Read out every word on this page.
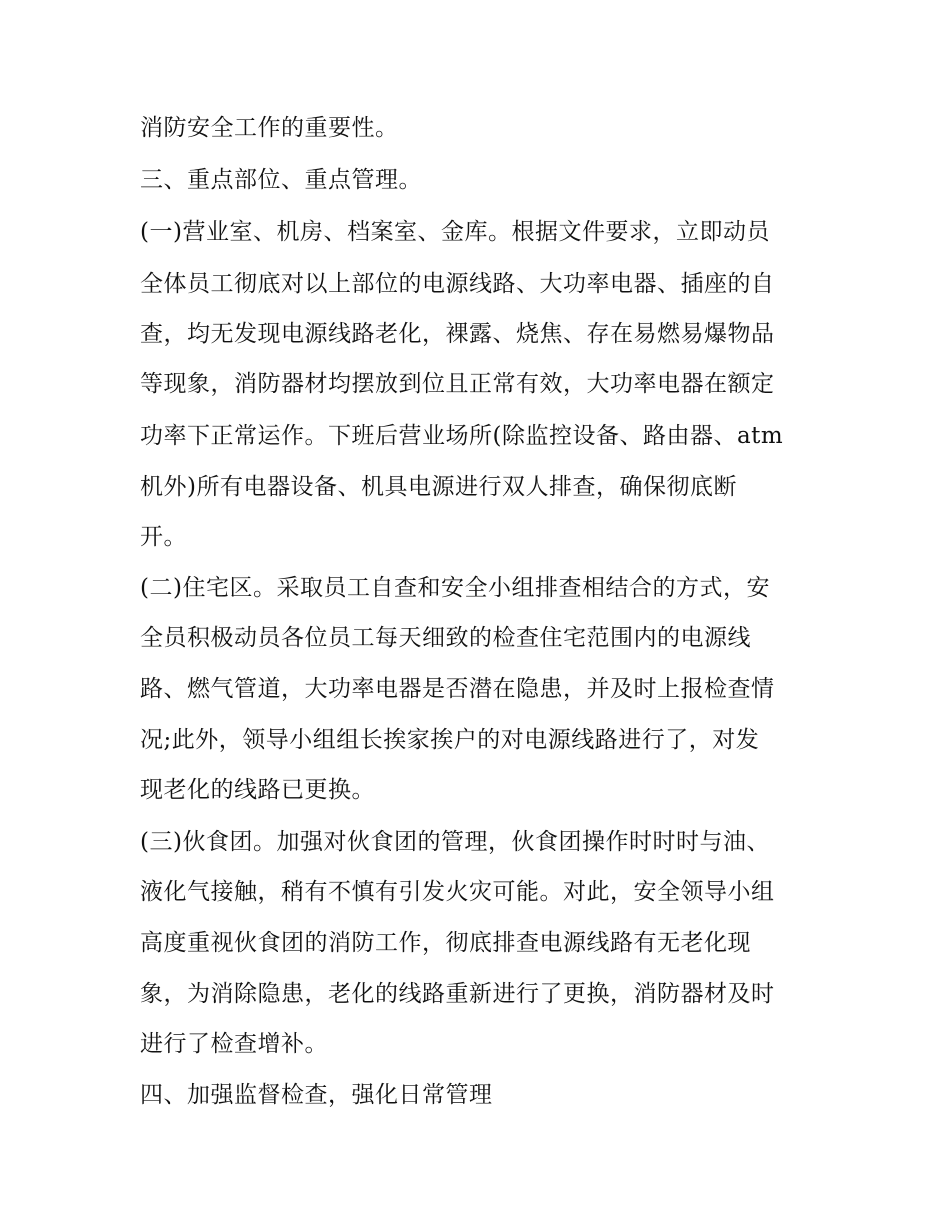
消防安全工作的重要性。
三、重点部位、重点管理。
(一)营业室、机房、档案室、金库。根据文件要求，立即动员
全体员工彻底对以上部位的电源线路、大功率电器、插座的自
查，均无发现电源线路老化，裸露、烧焦、存在易燃易爆物品
等现象，消防器材均摆放到位且正常有效，大功率电器在额定
功率下正常运作。下班后营业场所(除监控设备、路由器、atm
机外)所有电器设备、机具电源进行双人排查，确保彻底断
开。
(二)住宅区。采取员工自查和安全小组排查相结合的方式，安
全员积极动员各位员工每天细致的检查住宅范围内的电源线
路、燃气管道，大功率电器是否潜在隐患，并及时上报检查情
况;此外，领导小组组长挨家挨户的对电源线路进行了，对发
现老化的线路已更换。
(三)伙食团。加强对伙食团的管理，伙食团操作时时时与油、
液化气接触，稍有不慎有引发火灾可能。对此，安全领导小组
高度重视伙食团的消防工作，彻底排查电源线路有无老化现
象，为消除隐患，老化的线路重新进行了更换，消防器材及时
进行了检查增补。
四、加强监督检查，强化日常管理
